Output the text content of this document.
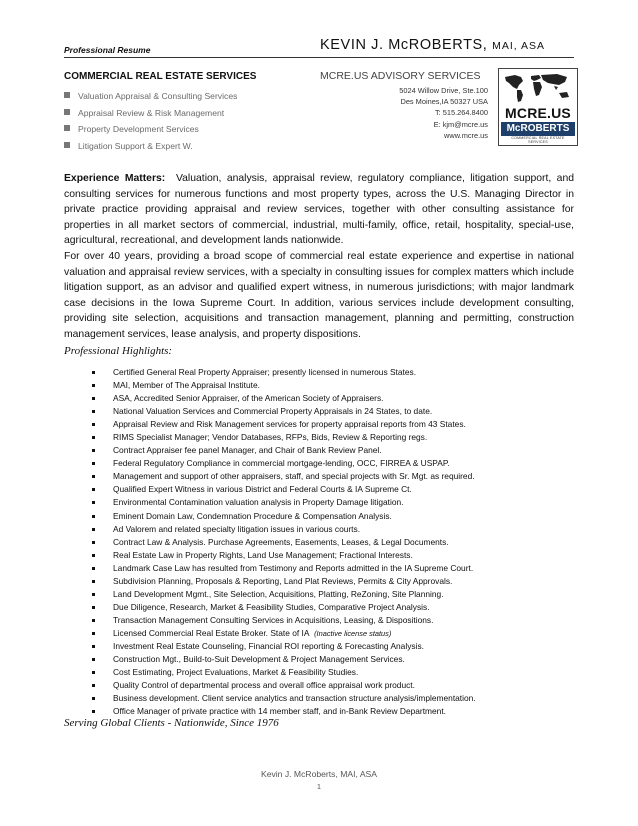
Professional Resume	KEVIN J. McROBERTS, MAI, ASA
COMMERCIAL REAL ESTATE SERVICES
Valuation Appraisal & Consulting Services
Appraisal Review & Risk Management
Property Development Services
Litigation Support & Expert W.
MCRE.US ADVISORY SERVICES
5024 Willow Drive, Ste.100
Des Moines,IA 50327 USA
T: 515.264.8400
E: kjm@mcre.us
www.mcre.us
MCRE.US
McROBERTS
COMMERCIAL REAL ESTATE SERVICES
Experience Matters: Valuation, analysis, appraisal review, regulatory compliance, litigation support, and consulting services for numerous functions and most property types, across the U.S. Managing Director in private practice providing appraisal and review services, together with other consulting assistance for properties in all market sectors of commercial, industrial, multi-family, office, retail, hospitality, special-use, agricultural, recreational, and development lands nationwide.
For over 40 years, providing a broad scope of commercial real estate experience and expertise in national valuation and appraisal review services, with a specialty in consulting issues for complex matters which include litigation support, as an advisor and qualified expert witness, in numerous jurisdictions; with major landmark case decisions in the Iowa Supreme Court. In addition, various services include development consulting, providing site selection, acquisitions and transaction management, planning and permitting, construction management services, lease analysis, and property dispositions.
Professional Highlights:
Certified General Real Property Appraiser; presently licensed in numerous States.
MAI, Member of The Appraisal Institute.
ASA, Accredited Senior Appraiser, of the American Society of Appraisers.
National Valuation Services and Commercial Property Appraisals in 24 States, to date.
Appraisal Review and Risk Management services for property appraisal reports from 43 States.
RIMS Specialist Manager; Vendor Databases, RFPs, Bids, Review & Reporting regs.
Contract Appraiser fee panel Manager, and Chair of Bank Review Panel.
Federal Regulatory Compliance in commercial mortgage-lending, OCC, FIRREA & USPAP.
Management and support of other appraisers, staff, and special projects with Sr. Mgt. as required.
Qualified Expert Witness in various District and Federal Courts & IA Supreme Ct.
Environmental Contamination valuation analysis in Property Damage litigation.
Eminent Domain Law, Condemnation Procedure & Compensation Analysis.
Ad Valorem and related specialty litigation issues in various courts.
Contract Law & Analysis. Purchase Agreements, Easements, Leases, & Legal Documents.
Real Estate Law in Property Rights, Land Use Management; Fractional Interests.
Landmark Case Law has resulted from Testimony and Reports admitted in the IA Supreme Court.
Subdivision Planning, Proposals & Reporting, Land Plat Reviews, Permits & City Approvals.
Land Development Mgmt., Site Selection, Acquisitions, Platting, ReZoning, Site Planning.
Due Diligence, Research, Market & Feasibility Studies, Comparative Project Analysis.
Transaction Management Consulting Services in Acquisitions, Leasing, & Dispositions.
Licensed Commercial Real Estate Broker. State of IA (Inactive license status)
Investment Real Estate Counseling, Financial ROI reporting & Forecasting Analysis.
Construction Mgt., Build-to-Suit Development & Project Management Services.
Cost Estimating, Project Evaluations, Market & Feasibility Studies.
Quality Control of departmental process and overall office appraisal work product.
Business development. Client service analytics and transaction structure analysis/implementation.
Office Manager of private practice with 14 member staff, and in-Bank Review Department.
Serving Global Clients - Nationwide, Since 1976
Kevin J. McRoberts, MAI, ASA
1
